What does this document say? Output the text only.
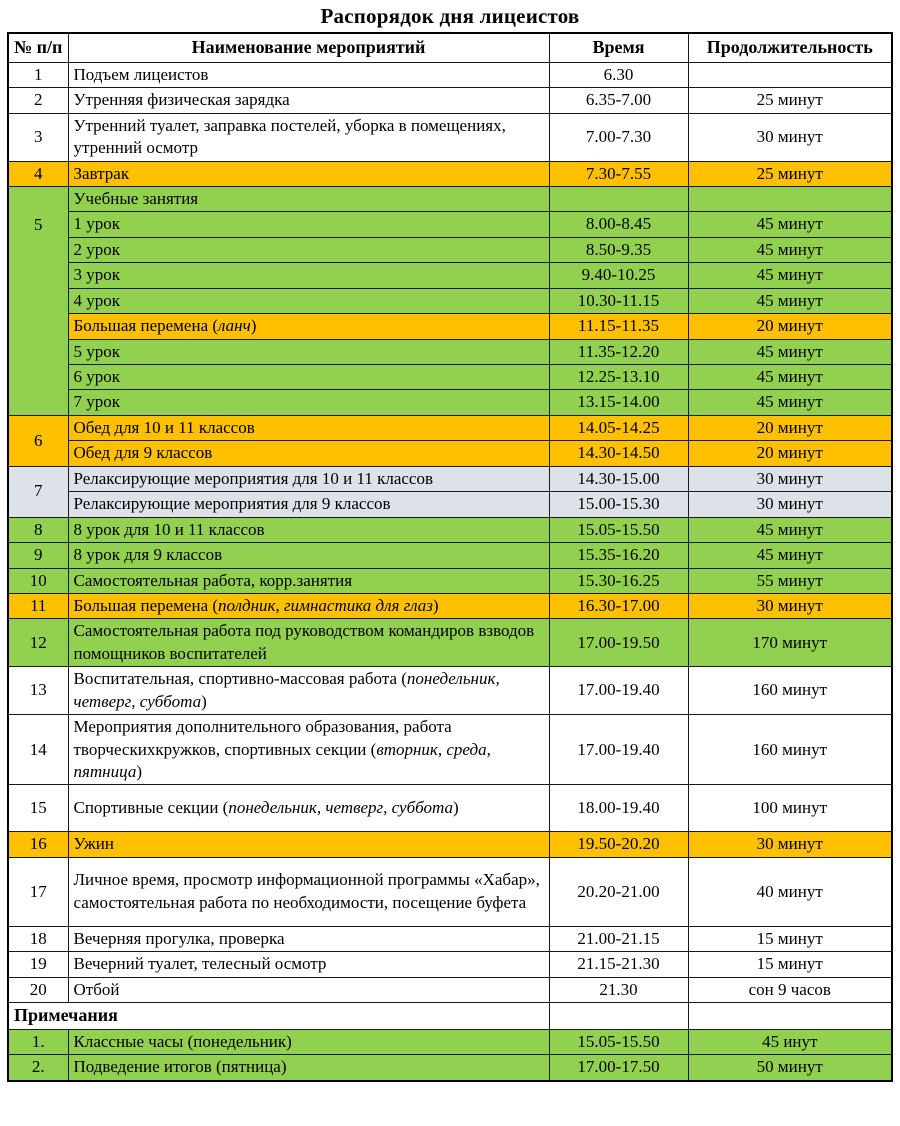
Распорядок дня лицеистов
№ п/п	Наименование мероприятий	Время	Продолжительность
1	Подъем лицеистов	6.30	
2	Утренняя физическая зарядка	6.35-7.00	25 минут
3	Утренний туалет, заправка постелей, уборка в помещениях, утренний осмотр	7.00-7.30	30 минут
4	Завтрак	7.30-7.55	25 минут
5	Учебные занятия		
	1 урок	8.00-8.45	45 минут
	2 урок	8.50-9.35	45 минут
	3 урок	9.40-10.25	45 минут
	4 урок	10.30-11.15	45 минут
	Большая перемена (ланч)	11.15-11.35	20 минут
	5 урок	11.35-12.20	45 минут
	6 урок	12.25-13.10	45 минут
	7 урок	13.15-14.00	45 минут
6	Обед для 10 и 11 классов	14.05-14.25	20 минут
	Обед для 9 классов	14.30-14.50	20 минут
7	Релаксирующие мероприятия для 10 и 11 классов	14.30-15.00	30 минут
	Релаксирующие мероприятия для 9 классов	15.00-15.30	30 минут
8	8 урок для 10 и 11 классов	15.05-15.50	45 минут
9	8 урок для 9 классов	15.35-16.20	45 минут
10	Самостоятельная работа, корр.занятия	15.30-16.25	55 минут
11	Большая перемена (полдник, гимнастика для глаз)	16.30-17.00	30 минут
12	Самостоятельная работа под руководством командиров взводов помощников воспитателей	17.00-19.50	170 минут
13	Воспитательная, спортивно-массовая работа (понедельник, четверг, суббота)	17.00-19.40	160 минут
14	Мероприятия дополнительного образования, работа творческихкружков, спортивных секции (вторник, среда, пятница)	17.00-19.40	160 минут
15	Спортивные секции (понедельник, четверг, суббота)	18.00-19.40	100 минут
16	Ужин	19.50-20.20	30 минут
17	Личное время, просмотр информационной программы «Хабар», самостоятельная работа по необходимости, посещение буфета	20.20-21.00	40 минут
18	Вечерняя прогулка, проверка	21.00-21.15	15 минут
19	Вечерний туалет, телесный осмотр	21.15-21.30	15 минут
20	Отбой	21.30	сон 9 часов
Примечания			
1.	Классные часы (понедельник)	15.05-15.50	45 инут
2.	Подведение итогов (пятница)	17.00-17.50	50 минут
